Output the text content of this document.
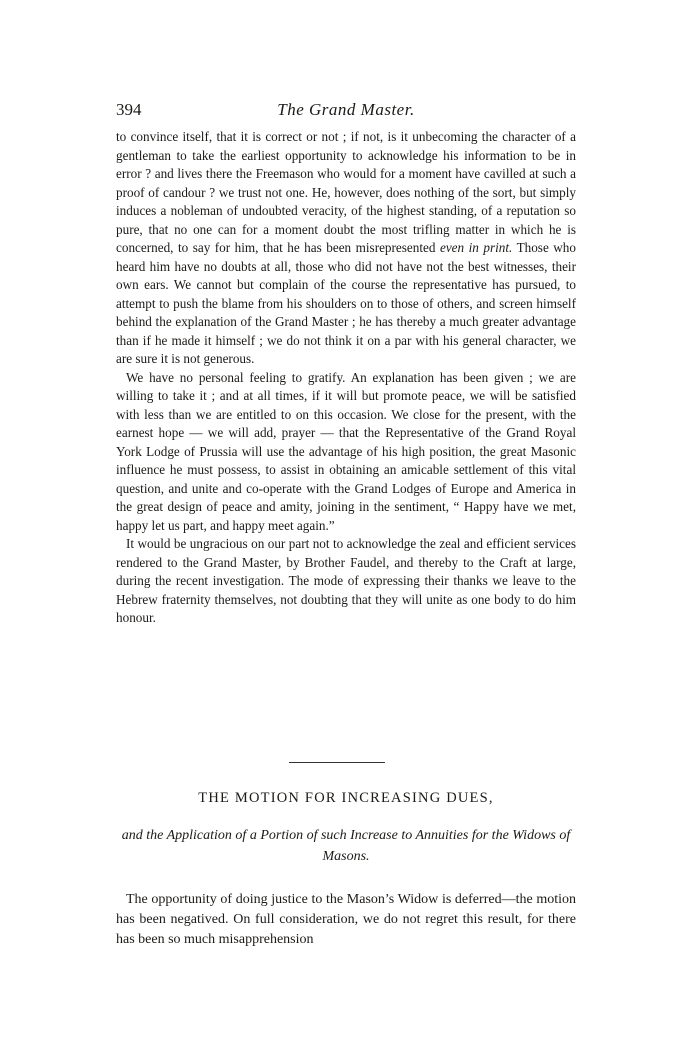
394	The Grand Master.

to convince itself, that it is correct or not ; if not, is it unbecoming the character of a gentleman to take the earliest opportunity to acknowledge his information to be in error ? and lives there the Freemason who would for a moment have cavilled at such a proof of candour ? we trust not one. He, however, does nothing of the sort, but simply induces a nobleman of undoubted veracity, of the highest standing, of a reputation so pure, that no one can for a moment doubt the most trifling matter in which he is concerned, to say for him, that he has been misrepresented even in print. Those who heard him have no doubts at all, those who did not have not the best witnesses, their own ears. We cannot but complain of the course the representative has pursued, to attempt to push the blame from his shoulders on to those of others, and screen himself behind the explanation of the Grand Master ; he has thereby a much greater advantage than if he made it himself ; we do not think it on a par with his general character, we are sure it is not generous.

We have no personal feeling to gratify. An explanation has been given ; we are willing to take it ; and at all times, if it will but promote peace, we will be satisfied with less than we are entitled to on this occasion. We close for the present, with the earnest hope — we will add, prayer — that the Representative of the Grand Royal York Lodge of Prussia will use the advantage of his high position, the great Masonic influence he must possess, to assist in obtaining an amicable settlement of this vital question, and unite and co-operate with the Grand Lodges of Europe and America in the great design of peace and amity, joining in the sentiment, “ Happy have we met, happy let us part, and happy meet again.”

It would be ungracious on our part not to acknowledge the zeal and efficient services rendered to the Grand Master, by Brother Faudel, and thereby to the Craft at large, during the recent investigation. The mode of expressing their thanks we leave to the Hebrew fraternity themselves, not doubting that they will unite as one body to do him honour.

THE MOTION FOR INCREASING DUES,
and the Application of a Portion of such Increase to Annuities for the Widows of Masons.

The opportunity of doing justice to the Mason’s Widow is deferred—the motion has been negatived. On full consideration, we do not regret this result, for there has been so much misapprehension
